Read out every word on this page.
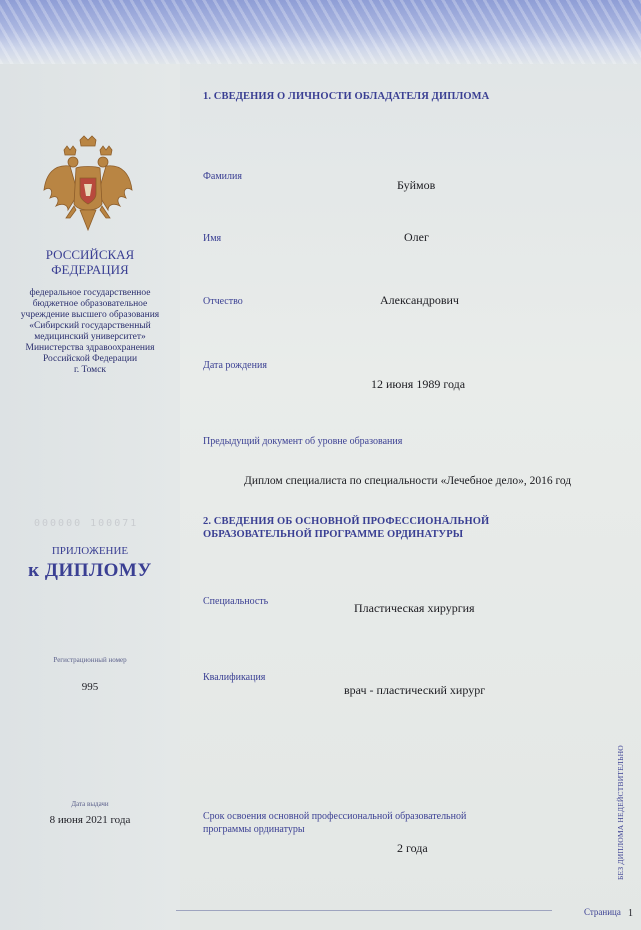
РОССИЙСКАЯ
ФЕДЕРАЦИЯ
федеральное государственное
бюджетное образовательное
учреждение высшего образования
«Сибирский государственный
медицинский университет»
Министерства здравоохранения
Российской Федерации
г. Томск
000000 100071
ПРИЛОЖЕНИЕ
к ДИПЛОМУ
Регистрационный номер
995
Дата выдачи
8 июня 2021 года
1. СВЕДЕНИЯ О ЛИЧНОСТИ ОБЛАДАТЕЛЯ ДИПЛОМА
Фамилия
Буймов
Имя	Олег
Отчество	Александрович
Дата рождения
12 июня 1989 года
Предыдущий документ об уровне образования
Диплом специалиста по специальности «Лечебное дело», 2016 год
2. СВЕДЕНИЯ ОБ ОСНОВНОЙ ПРОФЕССИОНАЛЬНОЙ
ОБРАЗОВАТЕЛЬНОЙ ПРОГРАММЕ ОРДИНАТУРЫ
Специальность	Пластическая хирургия
Квалификация
врач - пластический хирург
Срок освоения основной профессиональной образовательной
программы ординатуры
2 года
Страница 1
БЕЗ ДИПЛОМА НЕДЕЙСТВИТЕЛЬНО
